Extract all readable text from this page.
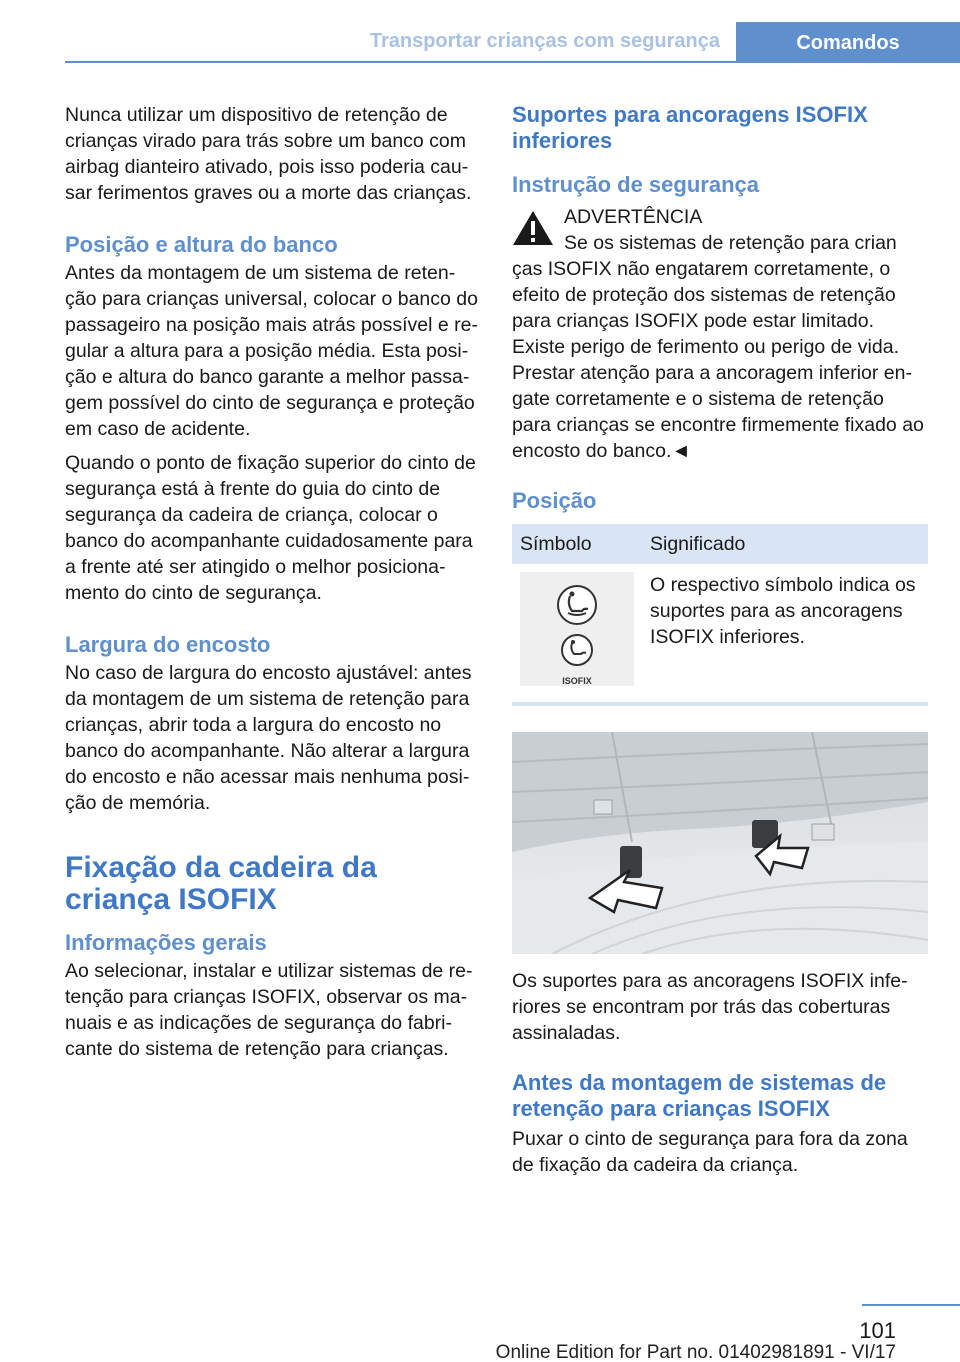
Transportar crianças com segurança	Comandos

Nunca utilizar um dispositivo de retenção de crianças virado para trás sobre um banco com airbag dianteiro ativado, pois isso poderia causar ferimentos graves ou a morte das crianças.

Posição e altura do banco

Antes da montagem de um sistema de retenção para crianças universal, colocar o banco do passageiro na posição mais atrás possível e regular a altura para a posição média. Esta posição e altura do banco garante a melhor passagem possível do cinto de segurança e proteção em caso de acidente.

Quando o ponto de fixação superior do cinto de segurança está à frente do guia do cinto de segurança da cadeira de criança, colocar o banco do acompanhante cuidadosamente para a frente até ser atingido o melhor posicionamento do cinto de segurança.

Largura do encosto

No caso de largura do encosto ajustável: antes da montagem de um sistema de retenção para crianças, abrir toda a largura do encosto no banco do acompanhante. Não alterar a largura do encosto e não acessar mais nenhuma posição de memória.

Fixação da cadeira da criança ISOFIX
Informações gerais

Ao selecionar, instalar e utilizar sistemas de retenção para crianças ISOFIX, observar os manuais e as indicações de segurança do fabricante do sistema de retenção para crianças.

Suportes para ancoragens ISOFIX inferiores
Instrução de segurança
ADVERTÊNCIA
Se os sistemas de retenção para crian
ças ISOFIX não engatarem corretamente, o efeito de proteção dos sistemas de retenção para crianças ISOFIX pode estar limitado. Existe perigo de ferimento ou perigo de vida. Prestar atenção para a ancoragem inferior engate corretamente e o sistema de retenção para crianças se encontre firmemente fixado ao encosto do banco.◄
Posição
Símbolo	Significado

ISOFIX	O respectivo símbolo indica os suportes para as ancoragens ISOFIX inferiores.

Os suportes para as ancoragens ISOFIX inferiores se encontram por trás das coberturas assinaladas.

Antes da montagem de sistemas de retenção para crianças ISOFIX

Puxar o cinto de segurança para fora da zona de fixação da cadeira da criança.

101
Online Edition for Part no. 01402981891 - VI/17
